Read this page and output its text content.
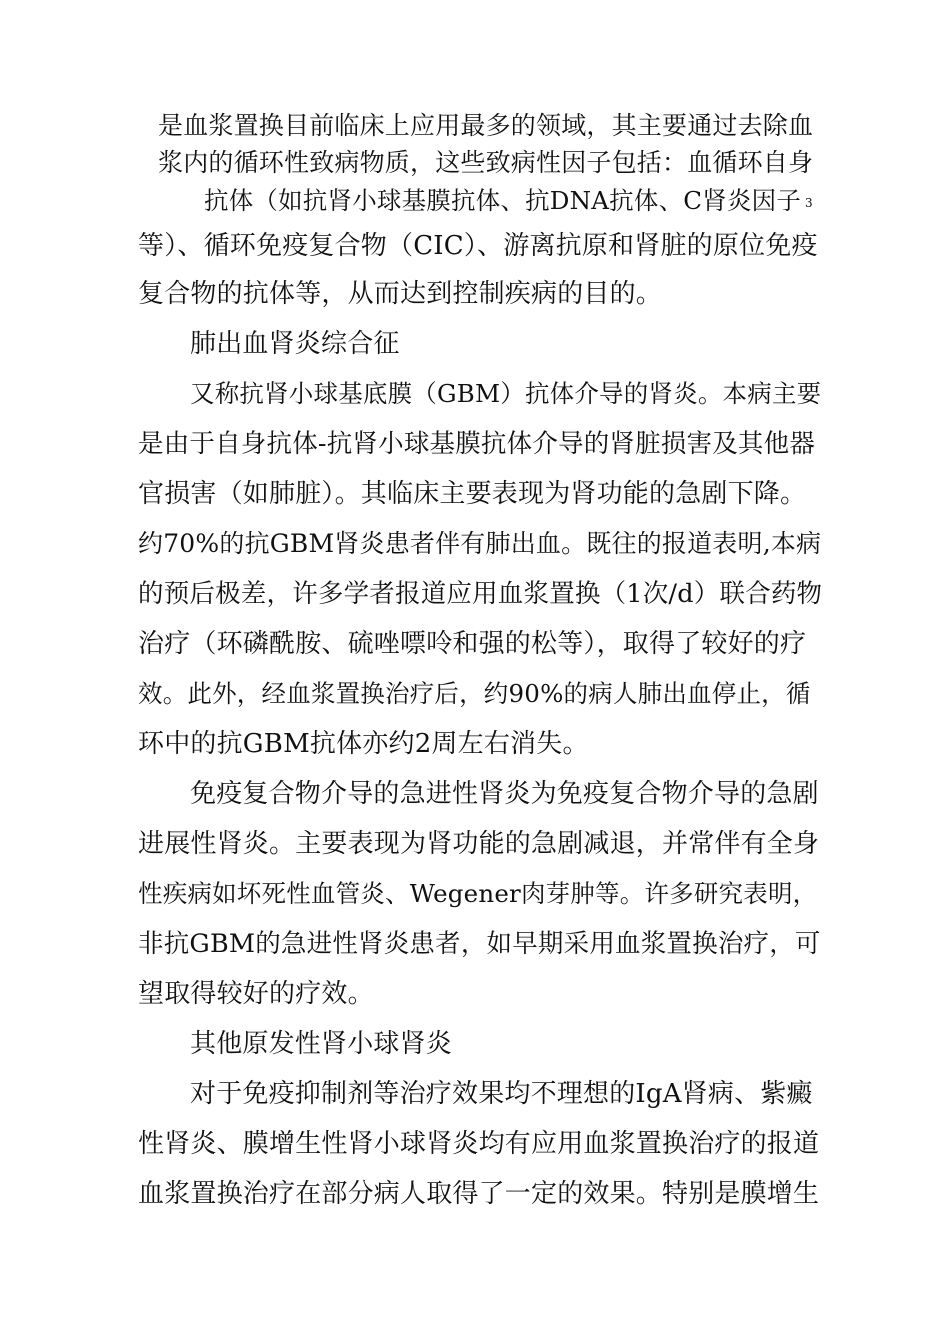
是血浆置换目前临床上应用最多的领域，其主要通过去除血
浆内的循环性致病物质，这些致病性因子包括：血循环自身
抗体（如抗肾小球基膜抗体、抗DNA抗体、C肾炎因子 3
等）、循环免疫复合物（CIC）、游离抗原和肾脏的原位免疫
复合物的抗体等，从而达到控制疾病的目的。
肺出血肾炎综合征
又称抗肾小球基底膜（GBM）抗体介导的肾炎。本病主要
是由于自身抗体-抗肾小球基膜抗体介导的肾脏损害及其他器
官损害（如肺脏）。其临床主要表现为肾功能的急剧下降。
约70%的抗GBM肾炎患者伴有肺出血。既往的报道表明,本病
的预后极差，许多学者报道应用血浆置换（1次/d）联合药物
治疗（环磷酰胺、硫唑嘌呤和强的松等），取得了较好的疗
效。此外，经血浆置换治疗后，约90%的病人肺出血停止，循
环中的抗GBM抗体亦约2周左右消失。
免疫复合物介导的急进性肾炎为免疫复合物介导的急剧
进展性肾炎。主要表现为肾功能的急剧减退，并常伴有全身
性疾病如坏死性血管炎、Wegener肉芽肿等。许多研究表明，
非抗GBM的急进性肾炎患者，如早期采用血浆置换治疗，可
望取得较好的疗效。
其他原发性肾小球肾炎
对于免疫抑制剂等治疗效果均不理想的IgA肾病、紫癜
性肾炎、膜增生性肾小球肾炎均有应用血浆置换治疗的报道
血浆置换治疗在部分病人取得了一定的效果。特别是膜增生
